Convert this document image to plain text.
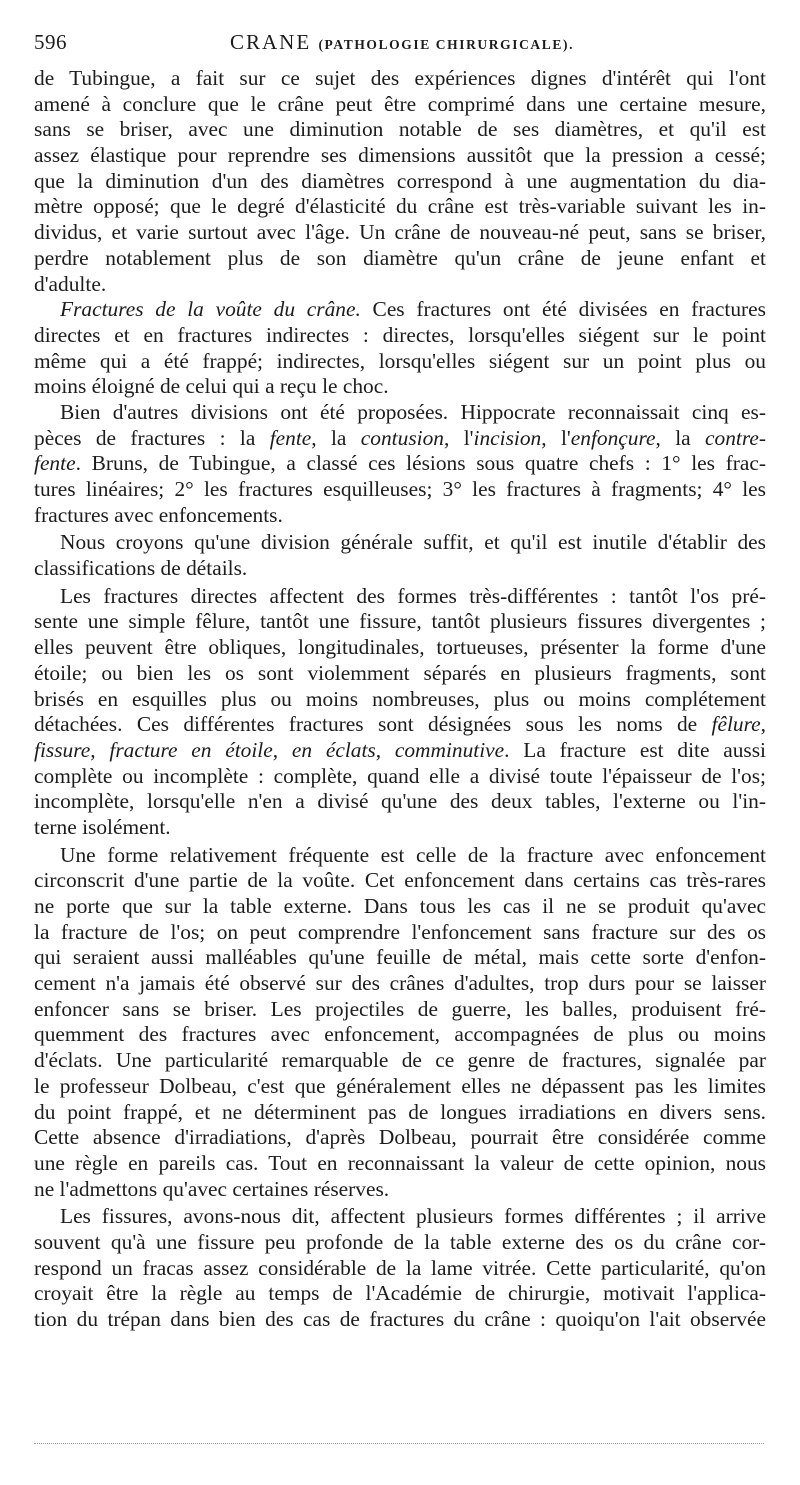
596	CRANE (PATHOLOGIE CHIRURGICALE).
de Tubingue, a fait sur ce sujet des expériences dignes d'intérêt qui l'ont
amené à conclure que le crâne peut être comprimé dans une certaine mesure,
sans se briser, avec une diminution notable de ses diamètres, et qu'il est
assez élastique pour reprendre ses dimensions aussitôt que la pression a cessé;
que la diminution d'un des diamètres correspond à une augmentation du dia-
mètre opposé; que le degré d'élasticité du crâne est très-variable suivant les in-
dividus, et varie surtout avec l'âge. Un crâne de nouveau-né peut, sans se briser,
perdre notablement plus de son diamètre qu'un crâne de jeune enfant et
d'adulte.
Fractures de la voûte du crâne. Ces fractures ont été divisées en fractures
directes et en fractures indirectes : directes, lorsqu'elles siégent sur le point
même qui a été frappé; indirectes, lorsqu'elles siégent sur un point plus ou
moins éloigné de celui qui a reçu le choc.
Bien d'autres divisions ont été proposées. Hippocrate reconnaissait cinq es-
pèces de fractures : la fente, la contusion, l'incision, l'enfonçure, la contre-
fente. Bruns, de Tubingue, a classé ces lésions sous quatre chefs : 1° les frac-
tures linéaires; 2° les fractures esquilleuses; 3° les fractures à fragments; 4° les
fractures avec enfoncements.
Nous croyons qu'une division générale suffit, et qu'il est inutile d'établir des
classifications de détails.
Les fractures directes affectent des formes très-différentes : tantôt l'os pré-
sente une simple fêlure, tantôt une fissure, tantôt plusieurs fissures divergentes ;
elles peuvent être obliques, longitudinales, tortueuses, présenter la forme d'une
étoile; ou bien les os sont violemment séparés en plusieurs fragments, sont
brisés en esquilles plus ou moins nombreuses, plus ou moins complétement
détachées. Ces différentes fractures sont désignées sous les noms de fêlure,
fissure, fracture en étoile, en éclats, comminutive. La fracture est dite aussi
complète ou incomplète : complète, quand elle a divisé toute l'épaisseur de l'os;
incomplète, lorsqu'elle n'en a divisé qu'une des deux tables, l'externe ou l'in-
terne isolément.
Une forme relativement fréquente est celle de la fracture avec enfoncement
circonscrit d'une partie de la voûte. Cet enfoncement dans certains cas très-rares
ne porte que sur la table externe. Dans tous les cas il ne se produit qu'avec
la fracture de l'os; on peut comprendre l'enfoncement sans fracture sur des os
qui seraient aussi malléables qu'une feuille de métal, mais cette sorte d'enfon-
cement n'a jamais été observé sur des crânes d'adultes, trop durs pour se laisser
enfoncer sans se briser. Les projectiles de guerre, les balles, produisent fré-
quemment des fractures avec enfoncement, accompagnées de plus ou moins
d'éclats. Une particularité remarquable de ce genre de fractures, signalée par
le professeur Dolbeau, c'est que généralement elles ne dépassent pas les limites
du point frappé, et ne déterminent pas de longues irradiations en divers sens.
Cette absence d'irradiations, d'après Dolbeau, pourrait être considérée comme
une règle en pareils cas. Tout en reconnaissant la valeur de cette opinion, nous
ne l'admettons qu'avec certaines réserves.
Les fissures, avons-nous dit, affectent plusieurs formes différentes ; il arrive
souvent qu'à une fissure peu profonde de la table externe des os du crâne cor-
respond un fracas assez considérable de la lame vitrée. Cette particularité, qu'on
croyait être la règle au temps de l'Académie de chirurgie, motivait l'applica-
tion du trépan dans bien des cas de fractures du crâne : quoiqu'on l'ait observée
